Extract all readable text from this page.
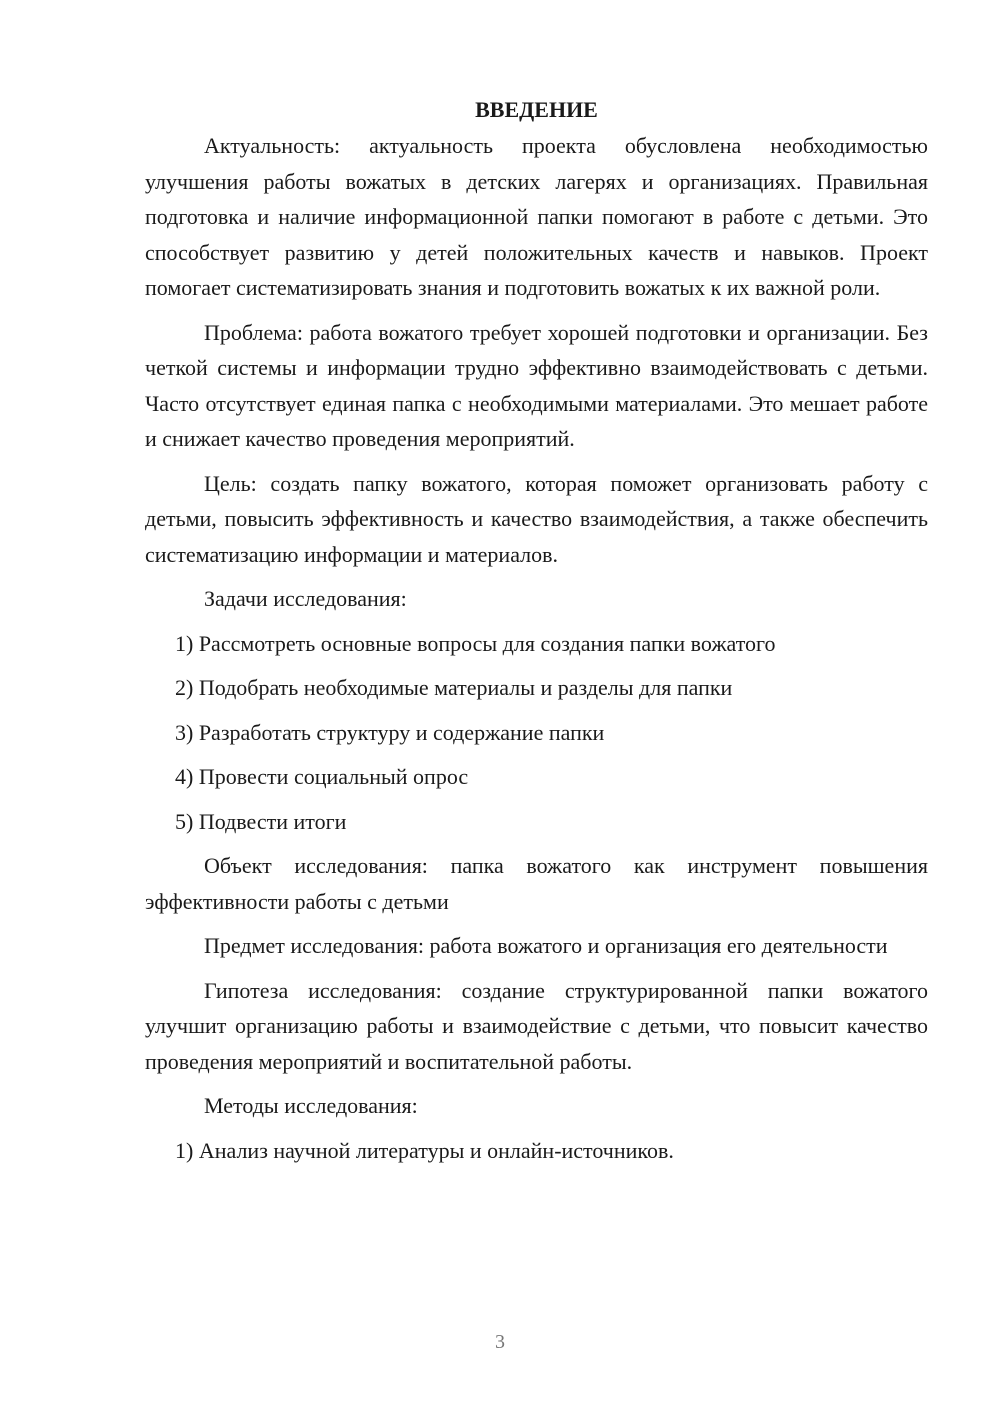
ВВЕДЕНИЕ

Актуальность: актуальность проекта обусловлена необходимостью улучшения работы вожатых в детских лагерях и организациях. Правильная подготовка и наличие информационной папки помогают в работе с детьми. Это способствует развитию у детей положительных качеств и навыков. Проект помогает систематизировать знания и подготовить вожатых к их важной роли.

Проблема: работа вожатого требует хорошей подготовки и организации. Без четкой системы и информации трудно эффективно взаимодействовать с детьми. Часто отсутствует единая папка с необходимыми материалами. Это мешает работе и снижает качество проведения мероприятий.

Цель: создать папку вожатого, которая поможет организовать работу с детьми, повысить эффективность и качество взаимодействия, а также обеспечить систематизацию информации и материалов.

Задачи исследования:

1) Рассмотреть основные вопросы для создания папки вожатого

2) Подобрать необходимые материалы и разделы для папки

3) Разработать структуру и содержание папки

4) Провести социальный опрос

5) Подвести итоги

Объект исследования: папка вожатого как инструмент повышения эффективности работы с детьми

Предмет исследования: работа вожатого и организация его деятельности

Гипотеза исследования: создание структурированной папки вожатого улучшит организацию работы и взаимодействие с детьми, что повысит качество проведения мероприятий и воспитательной работы.

Методы исследования:

1) Анализ научной литературы и онлайн-источников.

3
